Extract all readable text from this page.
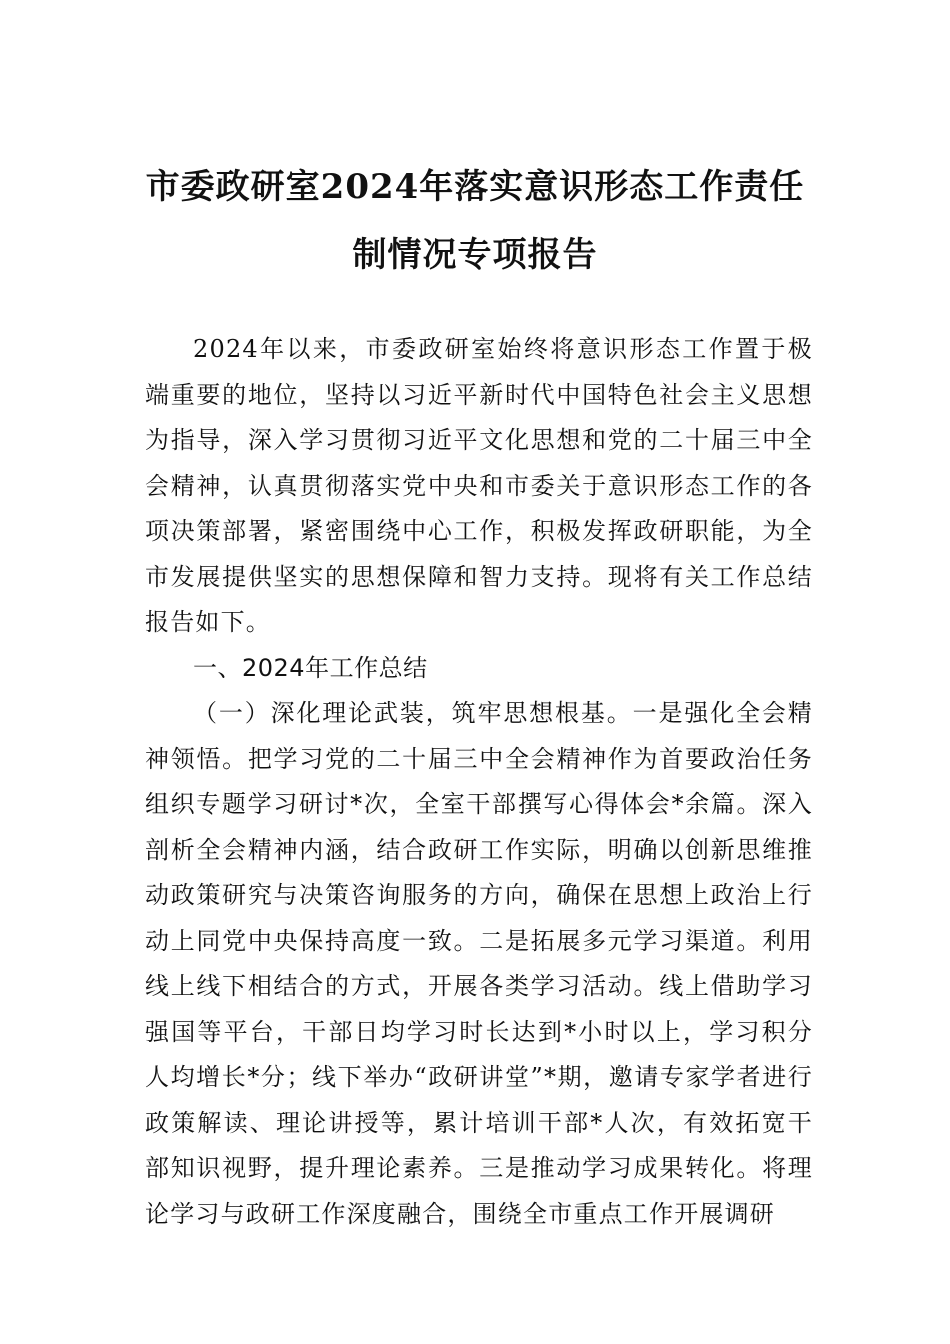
市委政研室2024年落实意识形态工作责任
制情况专项报告

2024年以来，市委政研室始终将意识形态工作置于极端重要的地位，坚持以习近平新时代中国特色社会主义思想为指导，深入学习贯彻习近平文化思想和党的二十届三中全会精神，认真贯彻落实党中央和市委关于意识形态工作的各项决策部署，紧密围绕中心工作，积极发挥政研职能，为全市发展提供坚实的思想保障和智力支持。现将有关工作总结报告如下。

一、2024年工作总结

（一）深化理论武装，筑牢思想根基。一是强化全会精神领悟。把学习党的二十届三中全会精神作为首要政治任务组织专题学习研讨*次，全室干部撰写心得体会*余篇。深入剖析全会精神内涵，结合政研工作实际，明确以创新思维推动政策研究与决策咨询服务的方向，确保在思想上政治上行动上同党中央保持高度一致。二是拓展多元学习渠道。利用线上线下相结合的方式，开展各类学习活动。线上借助学习强国等平台，干部日均学习时长达到*小时以上，学习积分人均增长*分；线下举办“政研讲堂”*期，邀请专家学者进行政策解读、理论讲授等，累计培训干部*人次，有效拓宽干部知识视野，提升理论素养。三是推动学习成果转化。将理论学习与政研工作深度融合，围绕全市重点工作开展调研
